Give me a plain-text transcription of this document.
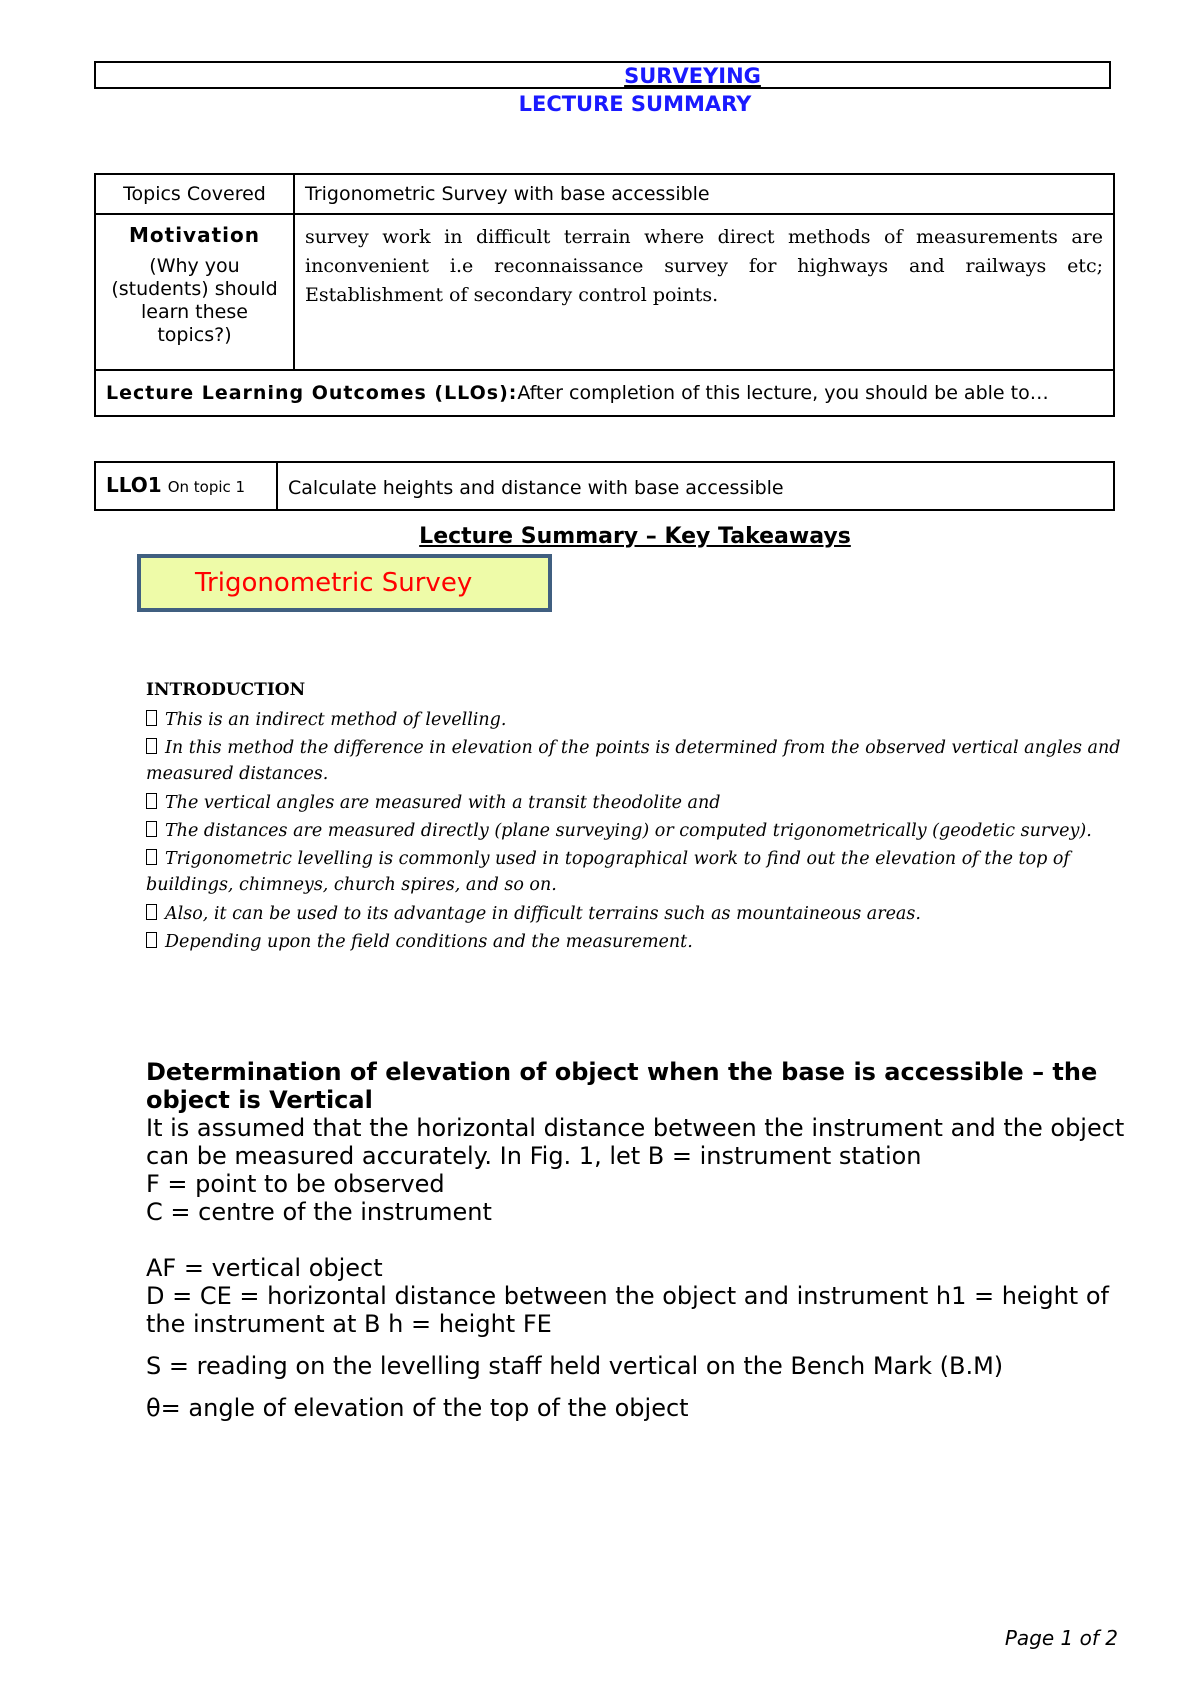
SURVEYING
LECTURE SUMMARY
Topics Covered	Trigonometric Survey with base accessible

Motivation
(Why you (students) should learn these topics?)	survey work in difficult terrain where direct methods of measurements are inconvenient i.e reconnaissance survey for highways and railways etc; Establishment of secondary control points.
Lecture Learning Outcomes (LLOs):After completion of this lecture, you should be able to…	
LLO1 On topic 1	Calculate heights and distance with base accessible
Lecture Summary – Key Takeaways
Trigonometric Survey
INTRODUCTION
This is an indirect method of levelling.
In this method the difference in elevation of the points is determined from the observed vertical angles and measured distances.
The vertical angles are measured with a transit theodolite and
The distances are measured directly (plane surveying) or computed trigonometrically (geodetic survey).
Trigonometric levelling is commonly used in topographical work to find out the elevation of the top of buildings, chimneys, church spires, and so on.
Also, it can be used to its advantage in difficult terrains such as mountaineous areas.
Depending upon the field conditions and the measurement.
Determination of elevation of object when the base is accessible – the object is Vertical

It is assumed that the horizontal distance between the instrument and the object can be measured accurately. In Fig. 1, let B = instrument station

F = point to be observed

C = centre of the instrument

AF = vertical object

D = CE = horizontal distance between the object and instrument h1 = height of the instrument at B h = height FE

S = reading on the levelling staff held vertical on the Bench Mark (B.M)

θ= angle of elevation of the top of the object

Page 1 of 2
